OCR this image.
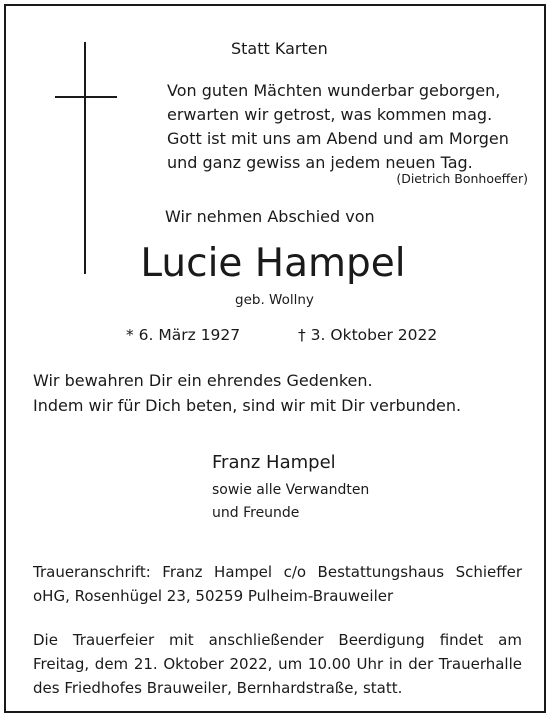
Statt Karten
Von guten Mächten wunderbar geborgen,
erwarten wir getrost, was kommen mag.
Gott ist mit uns am Abend und am Morgen
und ganz gewiss an jedem neuen Tag.
(Dietrich Bonhoeffer)
Wir nehmen Abschied von
Lucie Hampel
geb. Wollny
* 6. März 1927	† 3. Oktober 2022
Wir bewahren Dir ein ehrendes Gedenken.
Indem wir für Dich beten, sind wir mit Dir verbunden.
Franz Hampel
sowie alle Verwandten
und Freunde
Traueranschrift: Franz Hampel c/o Bestattungshaus Schieffer oHG, Rosenhügel 23, 50259 Pulheim-Brauweiler
Die Trauerfeier mit anschließender Beerdigung findet am Freitag, dem 21. Oktober 2022, um 10.00 Uhr in der Trauerhalle des Friedhofes Brauweiler, Bernhardstraße, statt.
